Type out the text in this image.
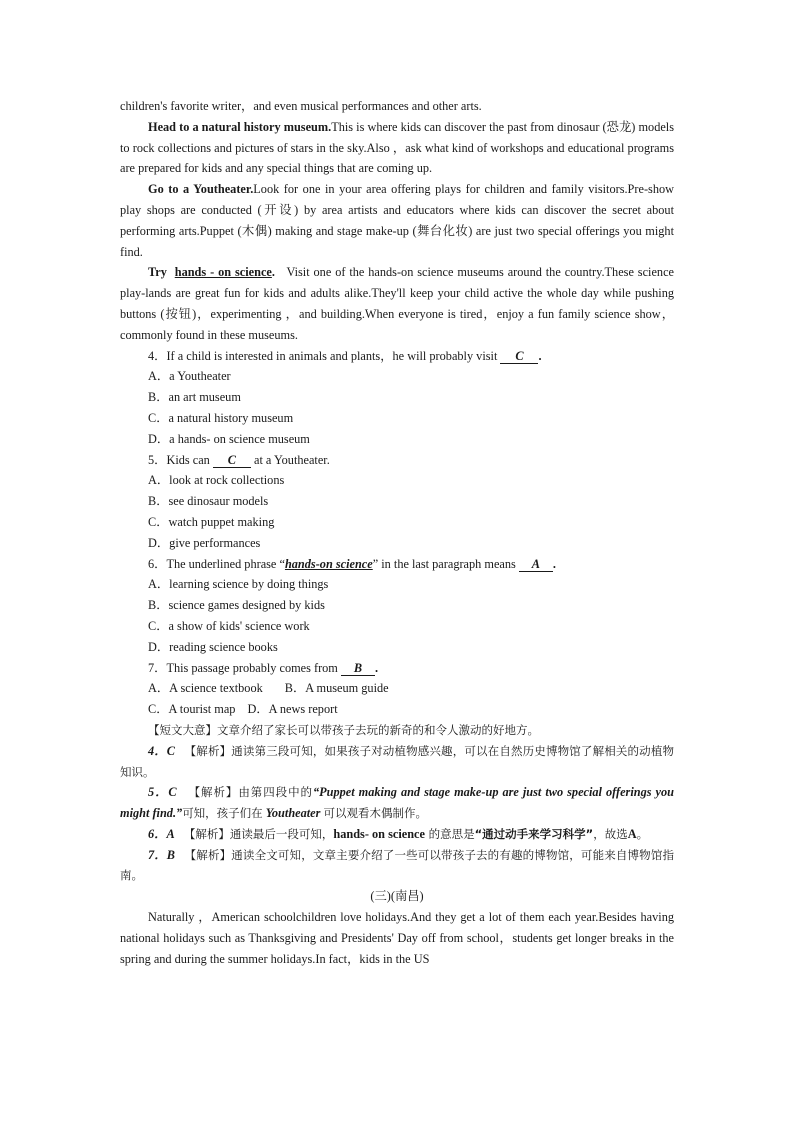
children's favorite writer，and even musical performances and other arts.

Head to a natural history museum.This is where kids can discover the past from dinosaur (恐龙) models to rock collections and pictures of stars in the sky.Also ，ask what kind of workshops and educational programs are prepared for kids and any special things that are coming up.

Go to a Youtheater.Look for one in your area offering plays for children and family visitors.Pre-show play shops are conducted (开设) by area artists and educators where kids can discover the secret about performing arts.Puppet (木偶) making and stage make-up (舞台化妆) are just two special offerings you might find.

Try hands - on science. Visit one of the hands-on science museums around the country.These science play-lands are great fun for kids and adults alike.They'll keep your child active the whole day while pushing buttons (按钮)，experimenting ，and building.When everyone is tired，enjoy a fun family science show，commonly found in these museums.

4．If a child is interested in animals and plants，he will probably visit C .

A．a Youtheater

B．an art museum

C．a natural history museum

D．a hands- on science museum

5．Kids can C at a Youtheater.

A．look at rock collections

B．see dinosaur models

C．watch puppet making

D．give performances

6．The underlined phrase “hands-on science” in the last paragraph means A .

A．learning science by doing things

B．science games designed by kids

C．a show of kids' science work

D．reading science books

7．This passage probably comes from B .

A．A science textbook B．A museum guide

C．A tourist map D．A news report

【短文大意】文章介绍了家长可以带孩子去玩的新奇的和令人激动的好地方。

4．C 【解析】通读第三段可知，如果孩子对动植物感兴趣，可以在自然历史博物馆了解相关的动植物知识。

5．C 【解析】由第四段中的“Puppet making and stage make-up are just two special offerings you might find.”可知，孩子们在 Youtheater 可以观看木偶制作。

6．A 【解析】通读最后一段可知，hands- on science 的意思是“通过动手来学习科学”，故选A。

7．B 【解析】通读全文可知，文章主要介绍了一些可以带孩子去的有趣的博物馆，可能来自博物馆指南。

(三)(南昌)

Naturally ，American schoolchildren love holidays.And they get a lot of them each year.Besides having national holidays such as Thanksgiving and Presidents' Day off from school，students get longer breaks in the spring and during the summer holidays.In fact，kids in the US
